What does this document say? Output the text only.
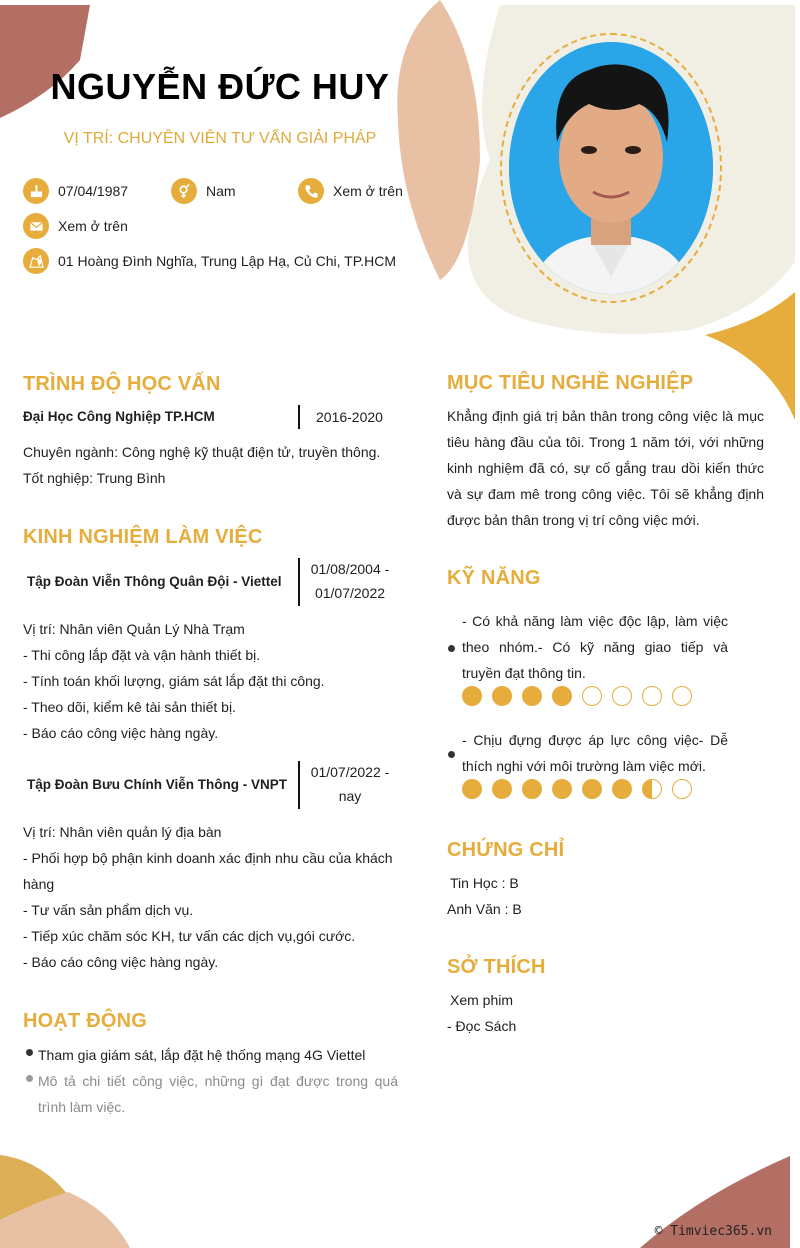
NGUYỄN ĐỨC HUY
VỊ TRÍ: CHUYÊN VIÊN TƯ VẤN GIẢI PHÁP
07/04/1987	Nam	Xem ở trên
Xem ở trên
01 Hoàng Đình Nghĩa, Trung Lập Hạ, Củ Chi, TP.HCM
TRÌNH ĐỘ HỌC VẤN
Đại Học Công Nghiệp TP.HCM	2016-2020
Chuyên ngành: Công nghệ kỹ thuật điện tử, truyền thông.
Tốt nghiệp: Trung Bình
KINH NGHIỆM LÀM VIỆC
Tập Đoàn Viễn Thông Quân Đội - Viettel
01/08/2004 -
01/07/2022
Vị trí: Nhân viên Quản Lý Nhà Trạm
- Thi công lắp đặt và vận hành thiết bị.
- Tính toán khối lượng, giám sát lắp đặt thi công.
- Theo dõi, kiểm kê tài sản thiết bị.
- Báo cáo công việc hàng ngày.
Tập Đoàn Bưu Chính Viễn Thông - VNPT
01/07/2022 -
nay
Vị trí: Nhân viên quản lý địa bàn
- Phối hợp bộ phận kinh doanh xác định nhu cầu của khách
hàng
- Tư vấn sản phẩm dịch vụ.
- Tiếp xúc chăm sóc KH, tư vấn các dịch vụ,gói cước.
- Báo cáo công việc hàng ngày.
HOẠT ĐỘNG
Tham gia giám sát, lắp đặt hệ thống mạng 4G Viettel
Mô tả chi tiết công việc, những gì đạt được trong quá trình làm việc.
MỤC TIÊU NGHỀ NGHIỆP
Khẳng định giá trị bản thân trong công việc là mục tiêu hàng đầu của tôi. Trong 1 năm tới, với những kinh nghiệm đã có, sự cố gắng trau dồi kiến thức và sự đam mê trong công việc. Tôi sẽ khẳng định được bản thân trong vị trí công việc mới.
KỸ NĂNG
- Có khả năng làm việc độc lập, làm việc theo nhóm.- Có kỹ năng giao tiếp và truyền đạt thông tin.
- Chịu đựng được áp lực công việc- Dễ thích nghi với môi trường làm việc mới.
CHỨNG CHỈ
Tin Học : B
Anh Văn : B
SỞ THÍCH
Xem phim
- Đọc Sách
© Timviec365.vn
